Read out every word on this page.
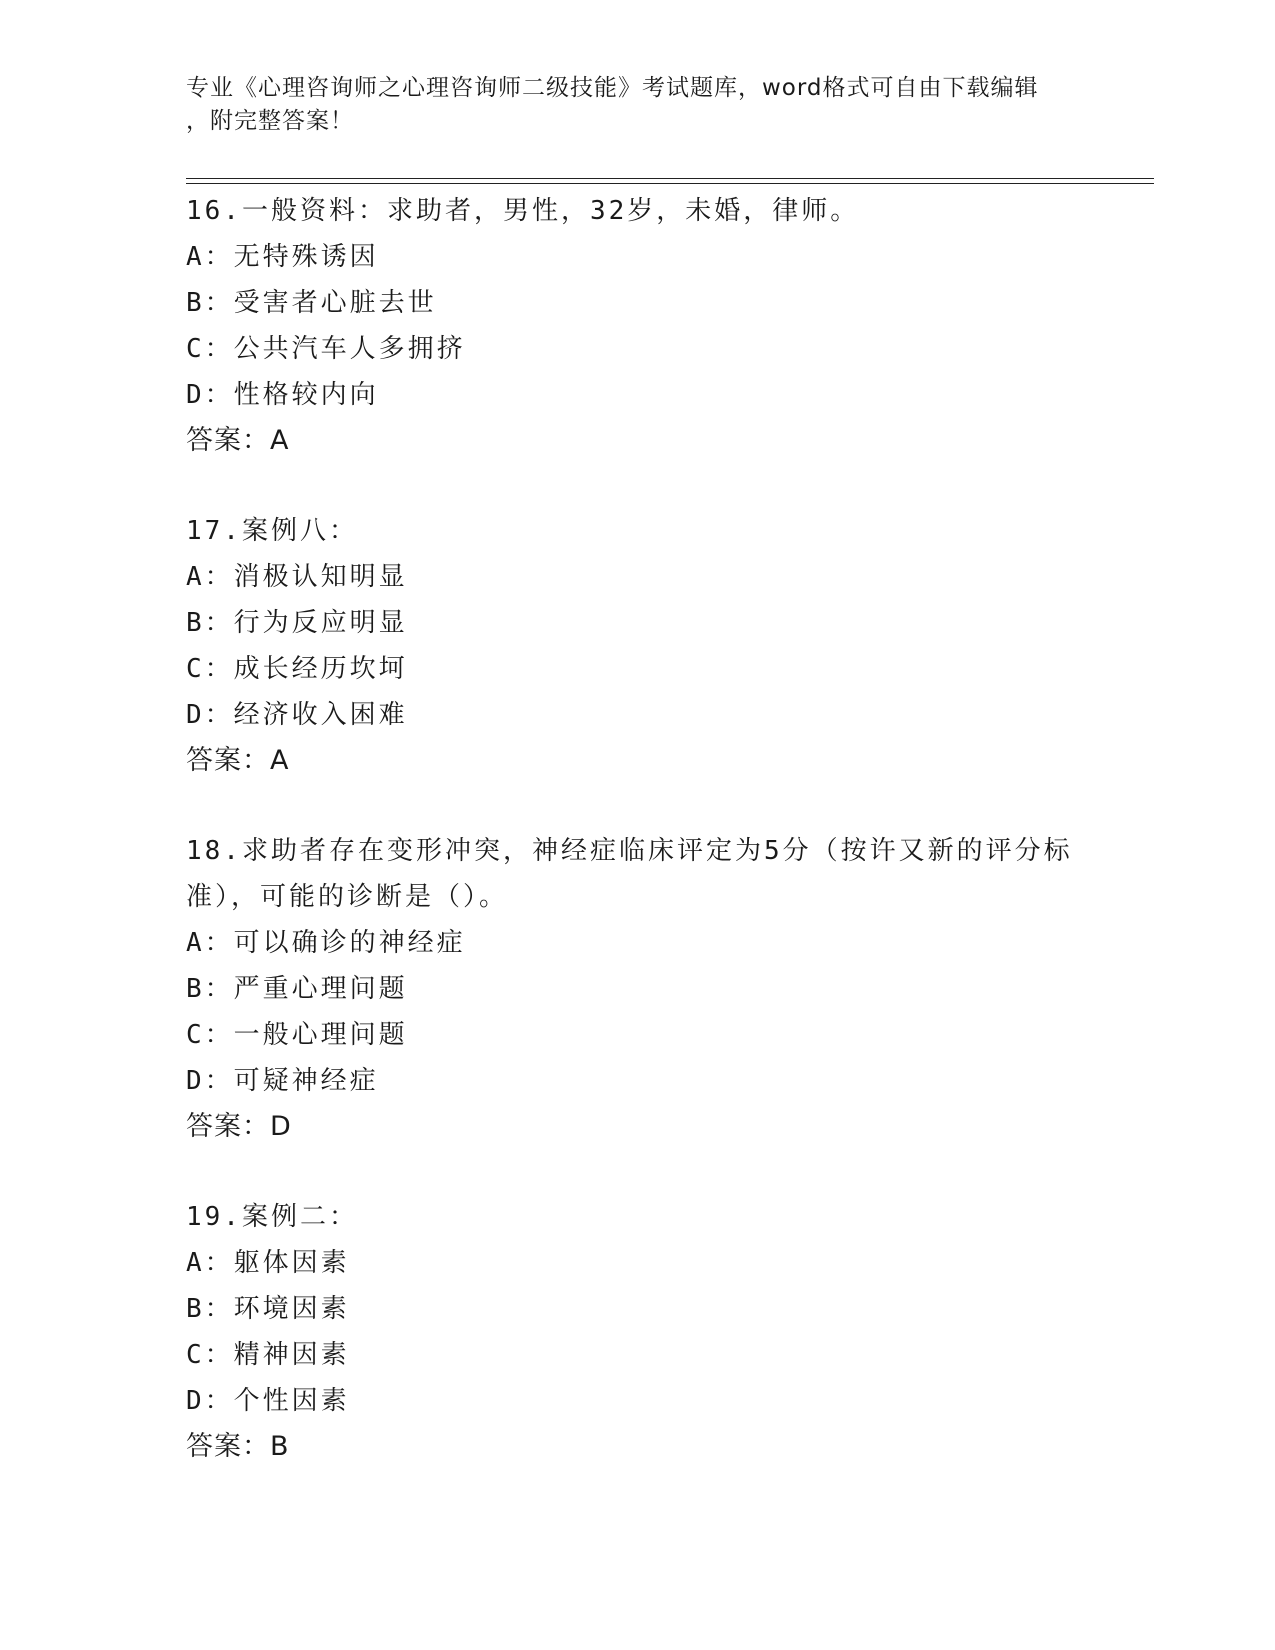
专业《心理咨询师之心理咨询师二级技能》考试题库，word格式可自由下载编辑
，附完整答案！
16.一般资料：求助者，男性，32岁，未婚，律师。
A：无特殊诱因
B：受害者心脏去世
C：公共汽车人多拥挤
D：性格较内向
答案：A
17.案例八：
A：消极认知明显
B：行为反应明显
C：成长经历坎坷
D：经济收入困难
答案：A
18.求助者存在变形冲突，神经症临床评定为5分（按许又新的评分标
准），可能的诊断是（）。
A：可以确诊的神经症
B：严重心理问题
C：一般心理问题
D：可疑神经症
答案：D
19.案例二：
A：躯体因素
B：环境因素
C：精神因素
D：个性因素
答案：B
